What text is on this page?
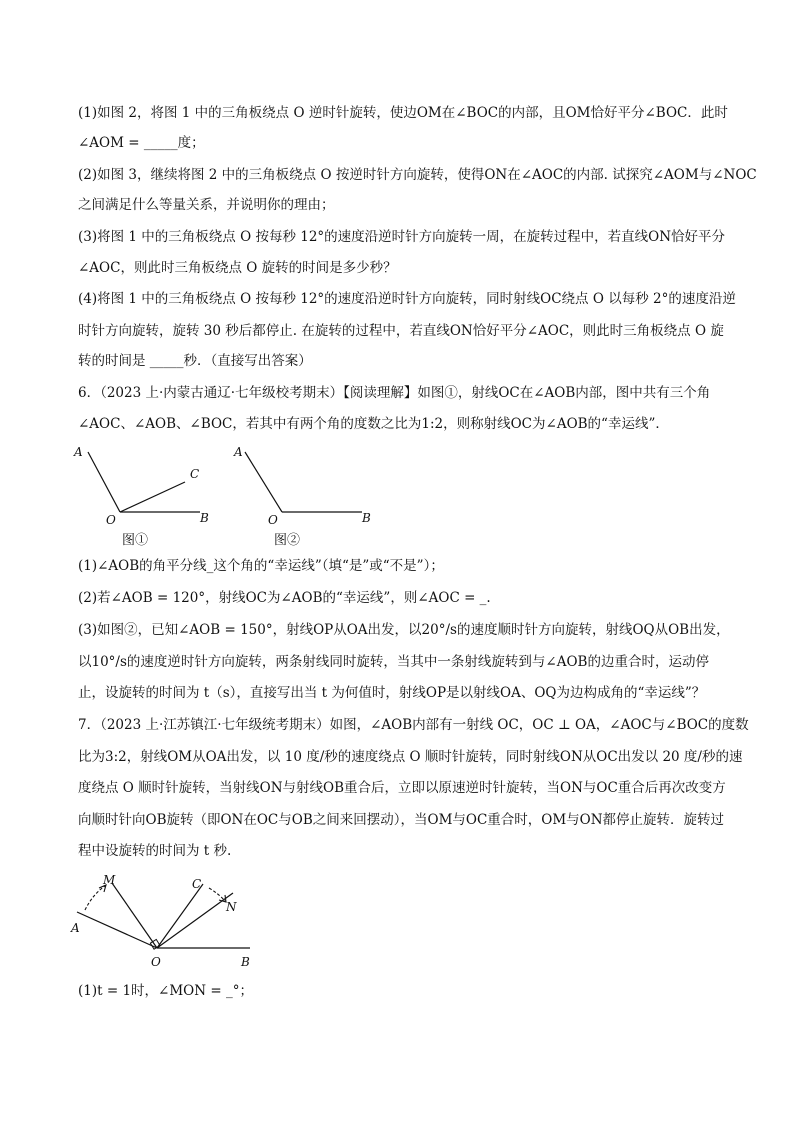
(1)如图 2，将图 1 中的三角板绕点 O 逆时针旋转，使边OM在∠BOC的内部，且OM恰好平分∠BOC．此时
∠AOM = _____度；
(2)如图 3，继续将图 2 中的三角板绕点 O 按逆时针方向旋转，使得ON在∠AOC的内部. 试探究∠AOM与∠NOC
之间满足什么等量关系，并说明你的理由；
(3)将图 1 中的三角板绕点 O 按每秒 12°的速度沿逆时针方向旋转一周，在旋转过程中，若直线ON恰好平分
∠AOC，则此时三角板绕点 O 旋转的时间是多少秒？
(4)将图 1 中的三角板绕点 O 按每秒 12°的速度沿逆时针方向旋转，同时射线OC绕点 O 以每秒 2°的速度沿逆
时针方向旋转，旋转 30 秒后都停止. 在旋转的过程中，若直线ON恰好平分∠AOC，则此时三角板绕点 O 旋
转的时间是 _____秒．（直接写出答案）
6．（2023 上·内蒙古通辽·七年级校考期末）【阅读理解】如图①，射线OC在∠AOB内部，图中共有三个角
∠AOC、∠AOB、∠BOC，若其中有两个角的度数之比为1:2，则称射线OC为∠AOB的“幸运线”．
A
C
O	B
图①
A
O	B
图②
(1)∠AOB的角平分线_这个角的“幸运线”（填“是”或“不是”）；
(2)若∠AOB = 120°，射线OC为∠AOB的“幸运线”，则∠AOC = _.
(3)如图②，已知∠AOB = 150°，射线OP从OA出发，以20°/s的速度顺时针方向旋转，射线OQ从OB出发，
以10°/s的速度逆时针方向旋转，两条射线同时旋转，当其中一条射线旋转到与∠AOB的边重合时，运动停
止，设旋转的时间为 t（s），直接写出当 t 为何值时，射线OP是以射线OA、OQ为边构成角的“幸运线”？
7．（2023 上·江苏镇江·七年级统考期末）如图，∠AOB内部有一射线 OC，OC ⊥ OA，∠AOC与∠BOC的度数
比为3:2，射线OM从OA出发，以 10 度/秒的速度绕点 O 顺时针旋转，同时射线ON从OC出发以 20 度/秒的速
度绕点 O 顺时针旋转，当射线ON与射线OB重合后，立即以原速逆时针旋转，当ON与OC重合后再次改变方
向顺时针向OB旋转（即ON在OC与OB之间来回摆动），当OM与OC重合时，OM与ON都停止旋转．旋转过
程中设旋转的时间为 t 秒.
M	C
N
A
O	B
(1)t = 1时，∠MON = _°；
